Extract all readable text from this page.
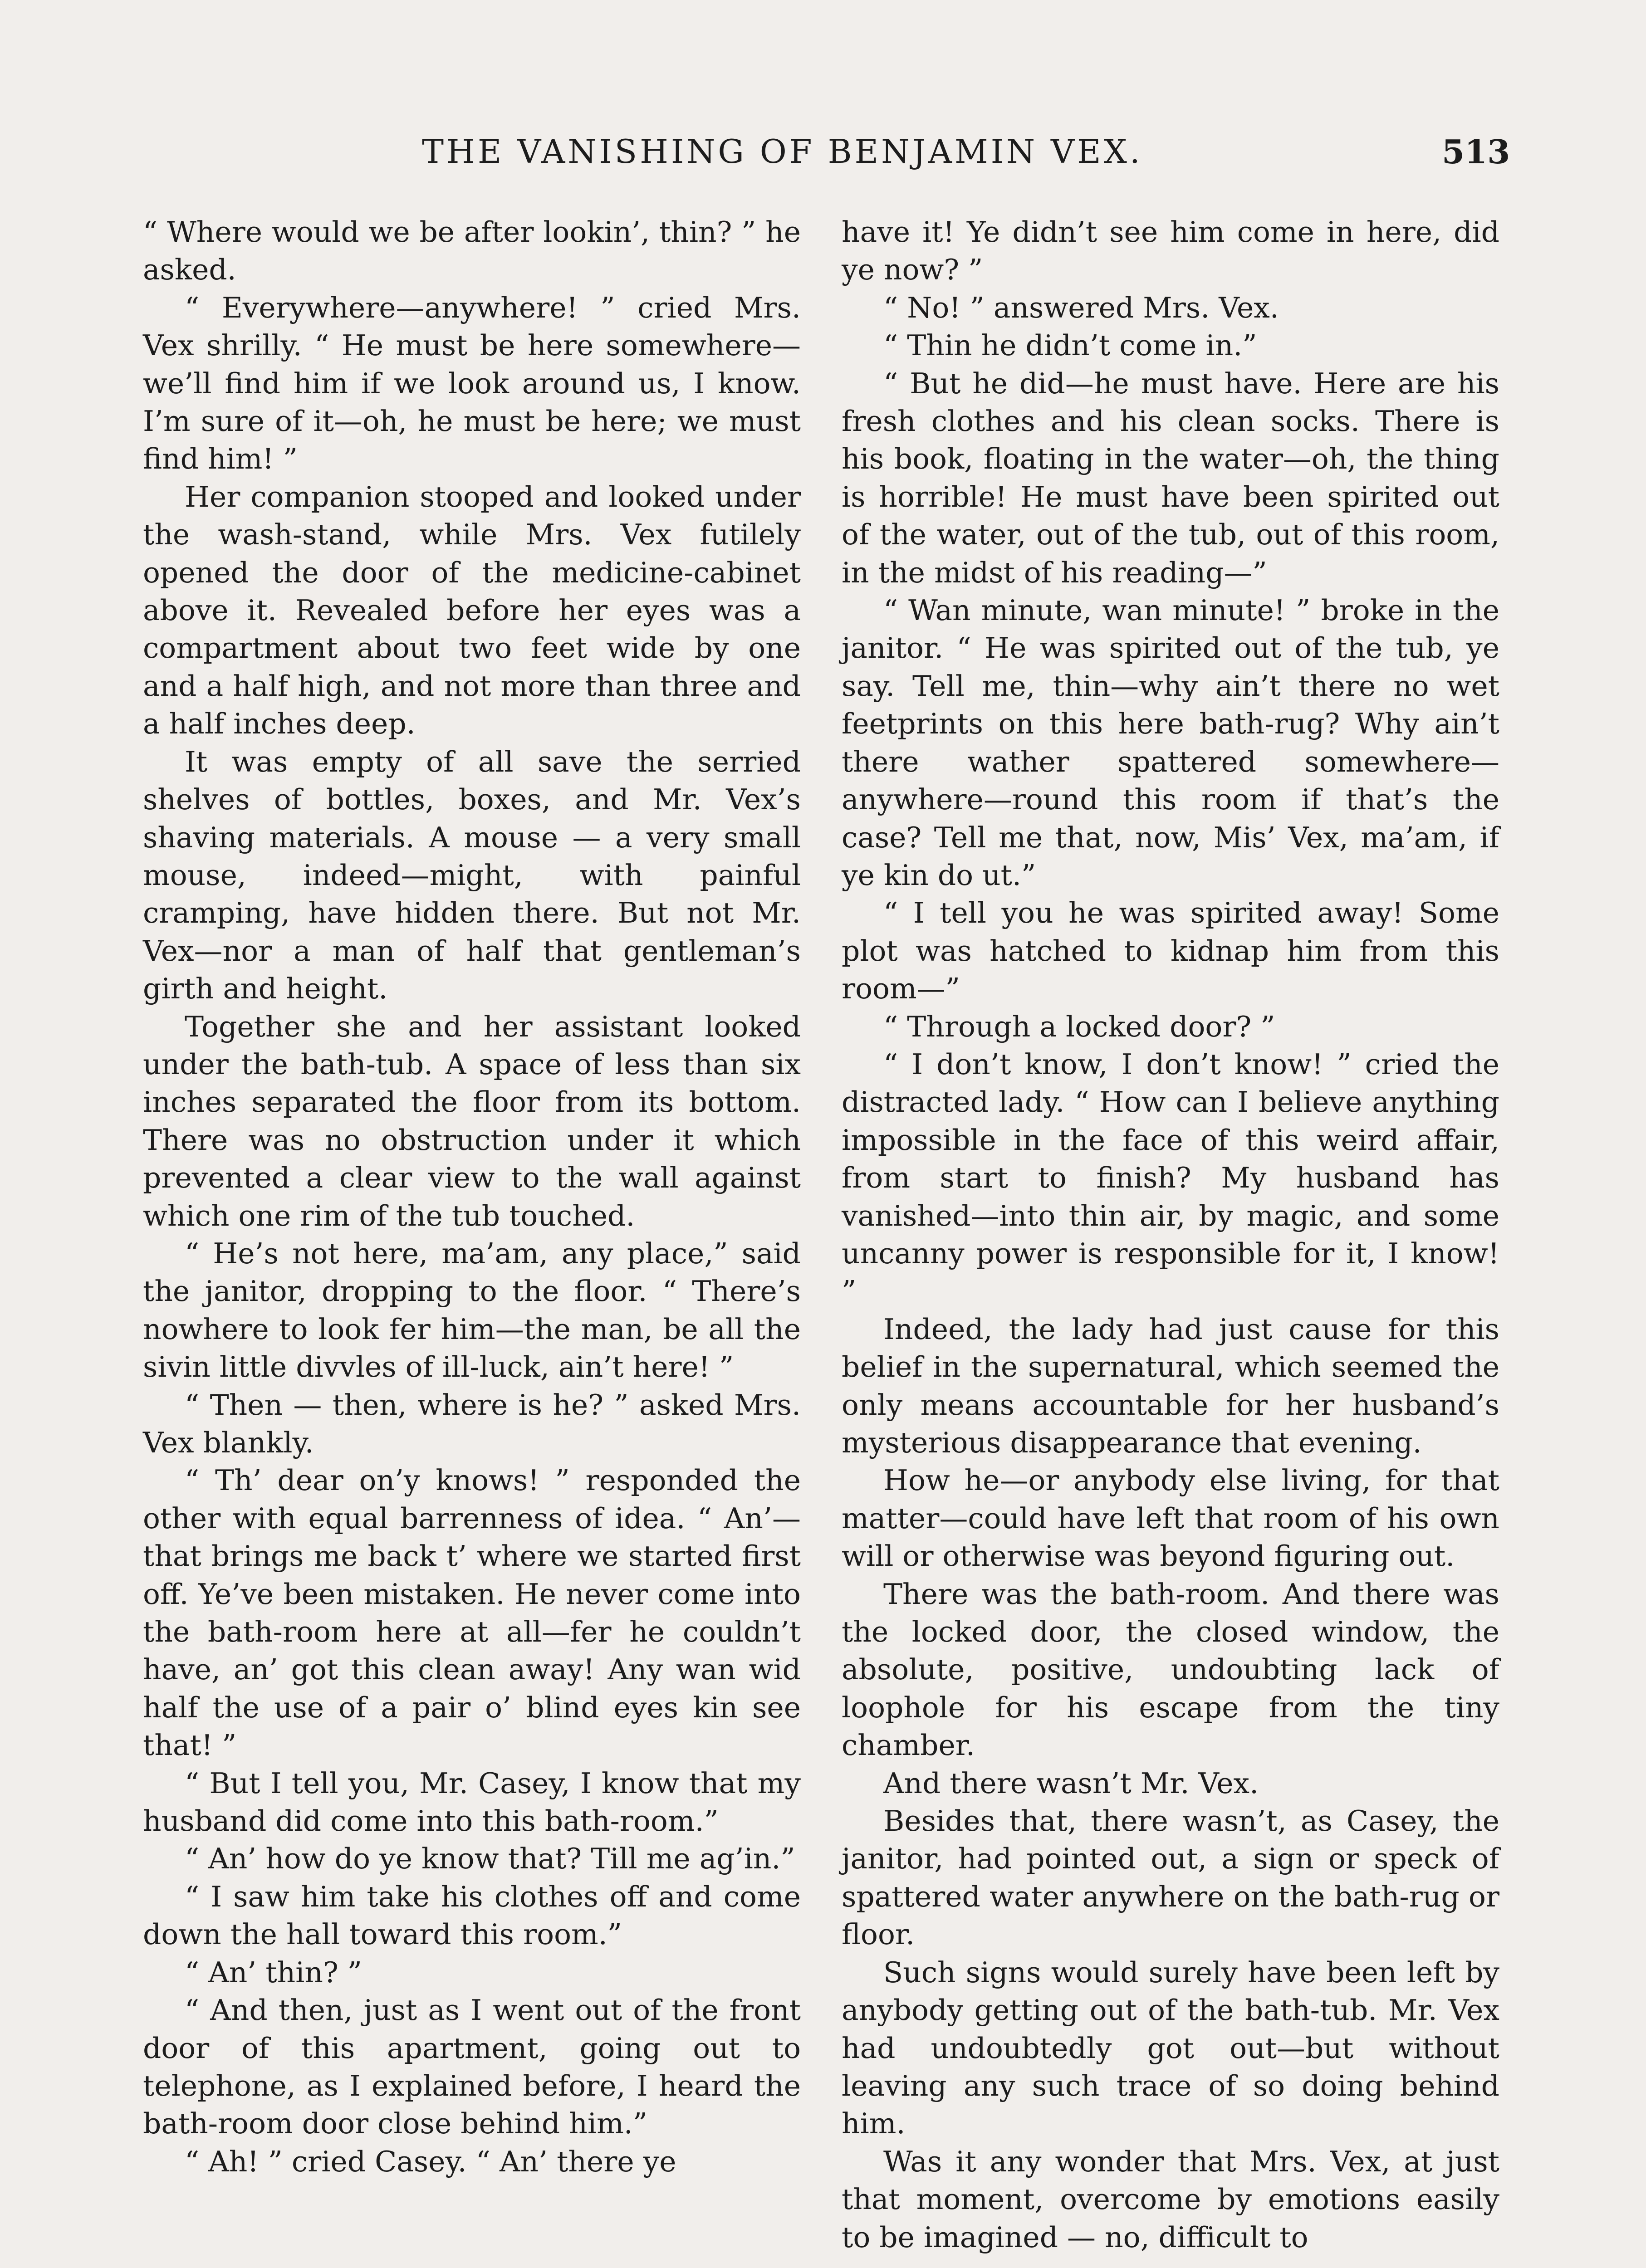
THE VANISHING OF BENJAMIN VEX.	513

“ Where would we be after lookin’, thin? ” he asked.

“ Everywhere—anywhere! ” cried Mrs. Vex shrilly. “ He must be here somewhere—we’ll find him if we look around us, I know. I’m sure of it—oh, he must be here; we must find him! ”

Her companion stooped and looked under the wash-stand, while Mrs. Vex futilely opened the door of the medicine-cabinet above it. Revealed before her eyes was a compartment about two feet wide by one and a half high, and not more than three and a half inches deep.

It was empty of all save the serried shelves of bottles, boxes, and Mr. Vex’s shaving materials. A mouse — a very small mouse, indeed—might, with painful cramping, have hidden there. But not Mr. Vex—nor a man of half that gentleman’s girth and height.

Together she and her assistant looked under the bath-tub. A space of less than six inches separated the floor from its bottom. There was no obstruction under it which prevented a clear view to the wall against which one rim of the tub touched.

“ He’s not here, ma’am, any place,” said the janitor, dropping to the floor. “ There’s nowhere to look fer him—the man, be all the sivin little divvles of ill-luck, ain’t here! ”

“ Then — then, where is he? ” asked Mrs. Vex blankly.

“ Th’ dear on’y knows! ” responded the other with equal barrenness of idea. “ An’—that brings me back t’ where we started first off. Ye’ve been mistaken. He never come into the bath-room here at all—fer he couldn’t have, an’ got this clean away! Any wan wid half the use of a pair o’ blind eyes kin see that! ”

“ But I tell you, Mr. Casey, I know that my husband did come into this bath-room.”

“ An’ how do ye know that? Till me ag’in.”

“ I saw him take his clothes off and come down the hall toward this room.”

“ An’ thin? ”

“ And then, just as I went out of the front door of this apartment, going out to telephone, as I explained before, I heard the bath-room door close behind him.”

“ Ah! ” cried Casey. “ An’ there ye

have it! Ye didn’t see him come in here, did ye now? ”

“ No! ” answered Mrs. Vex.

“ Thin he didn’t come in.”

“ But he did—he must have. Here are his fresh clothes and his clean socks. There is his book, floating in the water—oh, the thing is horrible! He must have been spirited out of the water, out of the tub, out of this room, in the midst of his reading—”

“ Wan minute, wan minute! ” broke in the janitor. “ He was spirited out of the tub, ye say. Tell me, thin—why ain’t there no wet feetprints on this here bath-rug? Why ain’t there wather spattered somewhere—anywhere—round this room if that’s the case? Tell me that, now, Mis’ Vex, ma’am, if ye kin do ut.”

“ I tell you he was spirited away! Some plot was hatched to kidnap him from this room—”

“ Through a locked door? ”

“ I don’t know, I don’t know! ” cried the distracted lady. “ How can I believe anything impossible in the face of this weird affair, from start to finish? My husband has vanished—into thin air, by magic, and some uncanny power is responsible for it, I know! ”

Indeed, the lady had just cause for this belief in the supernatural, which seemed the only means accountable for her husband’s mysterious disappearance that evening.

How he—or anybody else living, for that matter—could have left that room of his own will or otherwise was beyond figuring out.

There was the bath-room. And there was the locked door, the closed window, the absolute, positive, undoubting lack of loophole for his escape from the tiny chamber.

And there wasn’t Mr. Vex.

Besides that, there wasn’t, as Casey, the janitor, had pointed out, a sign or speck of spattered water anywhere on the bath-rug or floor.

Such signs would surely have been left by anybody getting out of the bath-tub. Mr. Vex had undoubtedly got out—but without leaving any such trace of so doing behind him.

Was it any wonder that Mrs. Vex, at just that moment, overcome by emotions easily to be imagined — no, difficult to
